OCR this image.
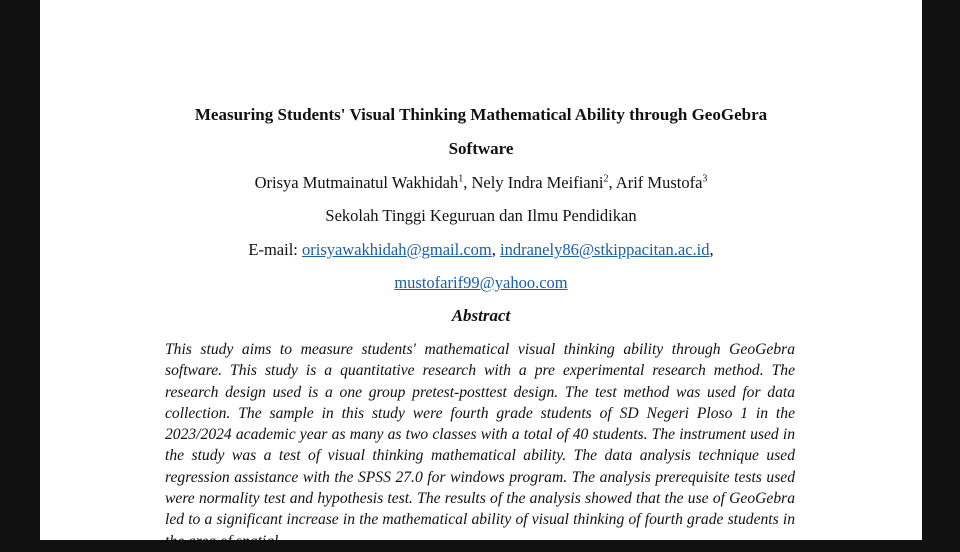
Measuring Students' Visual Thinking Mathematical Ability through GeoGebra
Software
Orisya Mutmainatul Wakhidah$^1$, Nely Indra Meifiani$^2$, Arif Mustofa$^3$
Sekolah Tinggi Keguruan dan Ilmu Pendidikan
E-mail: orisyawakhidah@gmail.com, indranely86@stkippacitan.ac.id,
mustofarif99@yahoo.com
Abstract
This study aims to measure students' mathematical visual thinking ability through GeoGebra software. This study is a quantitative research with a pre experimental research method. The research design used is a one group pretest-posttest design. The test method was used for data collection. The sample in this study were fourth grade students of SD Negeri Ploso 1 in the 2023/2024 academic year as many as two classes with a total of 40 students. The instrument used in the study was a test of visual thinking mathematical ability. The data analysis technique used regression assistance with the SPSS 27.0 for windows program. The analysis prerequisite tests used were normality test and hypothesis test. The results of the analysis showed that the use of GeoGebra led to a significant increase in the mathematical ability of visual thinking of fourth grade students in the area of spatial
